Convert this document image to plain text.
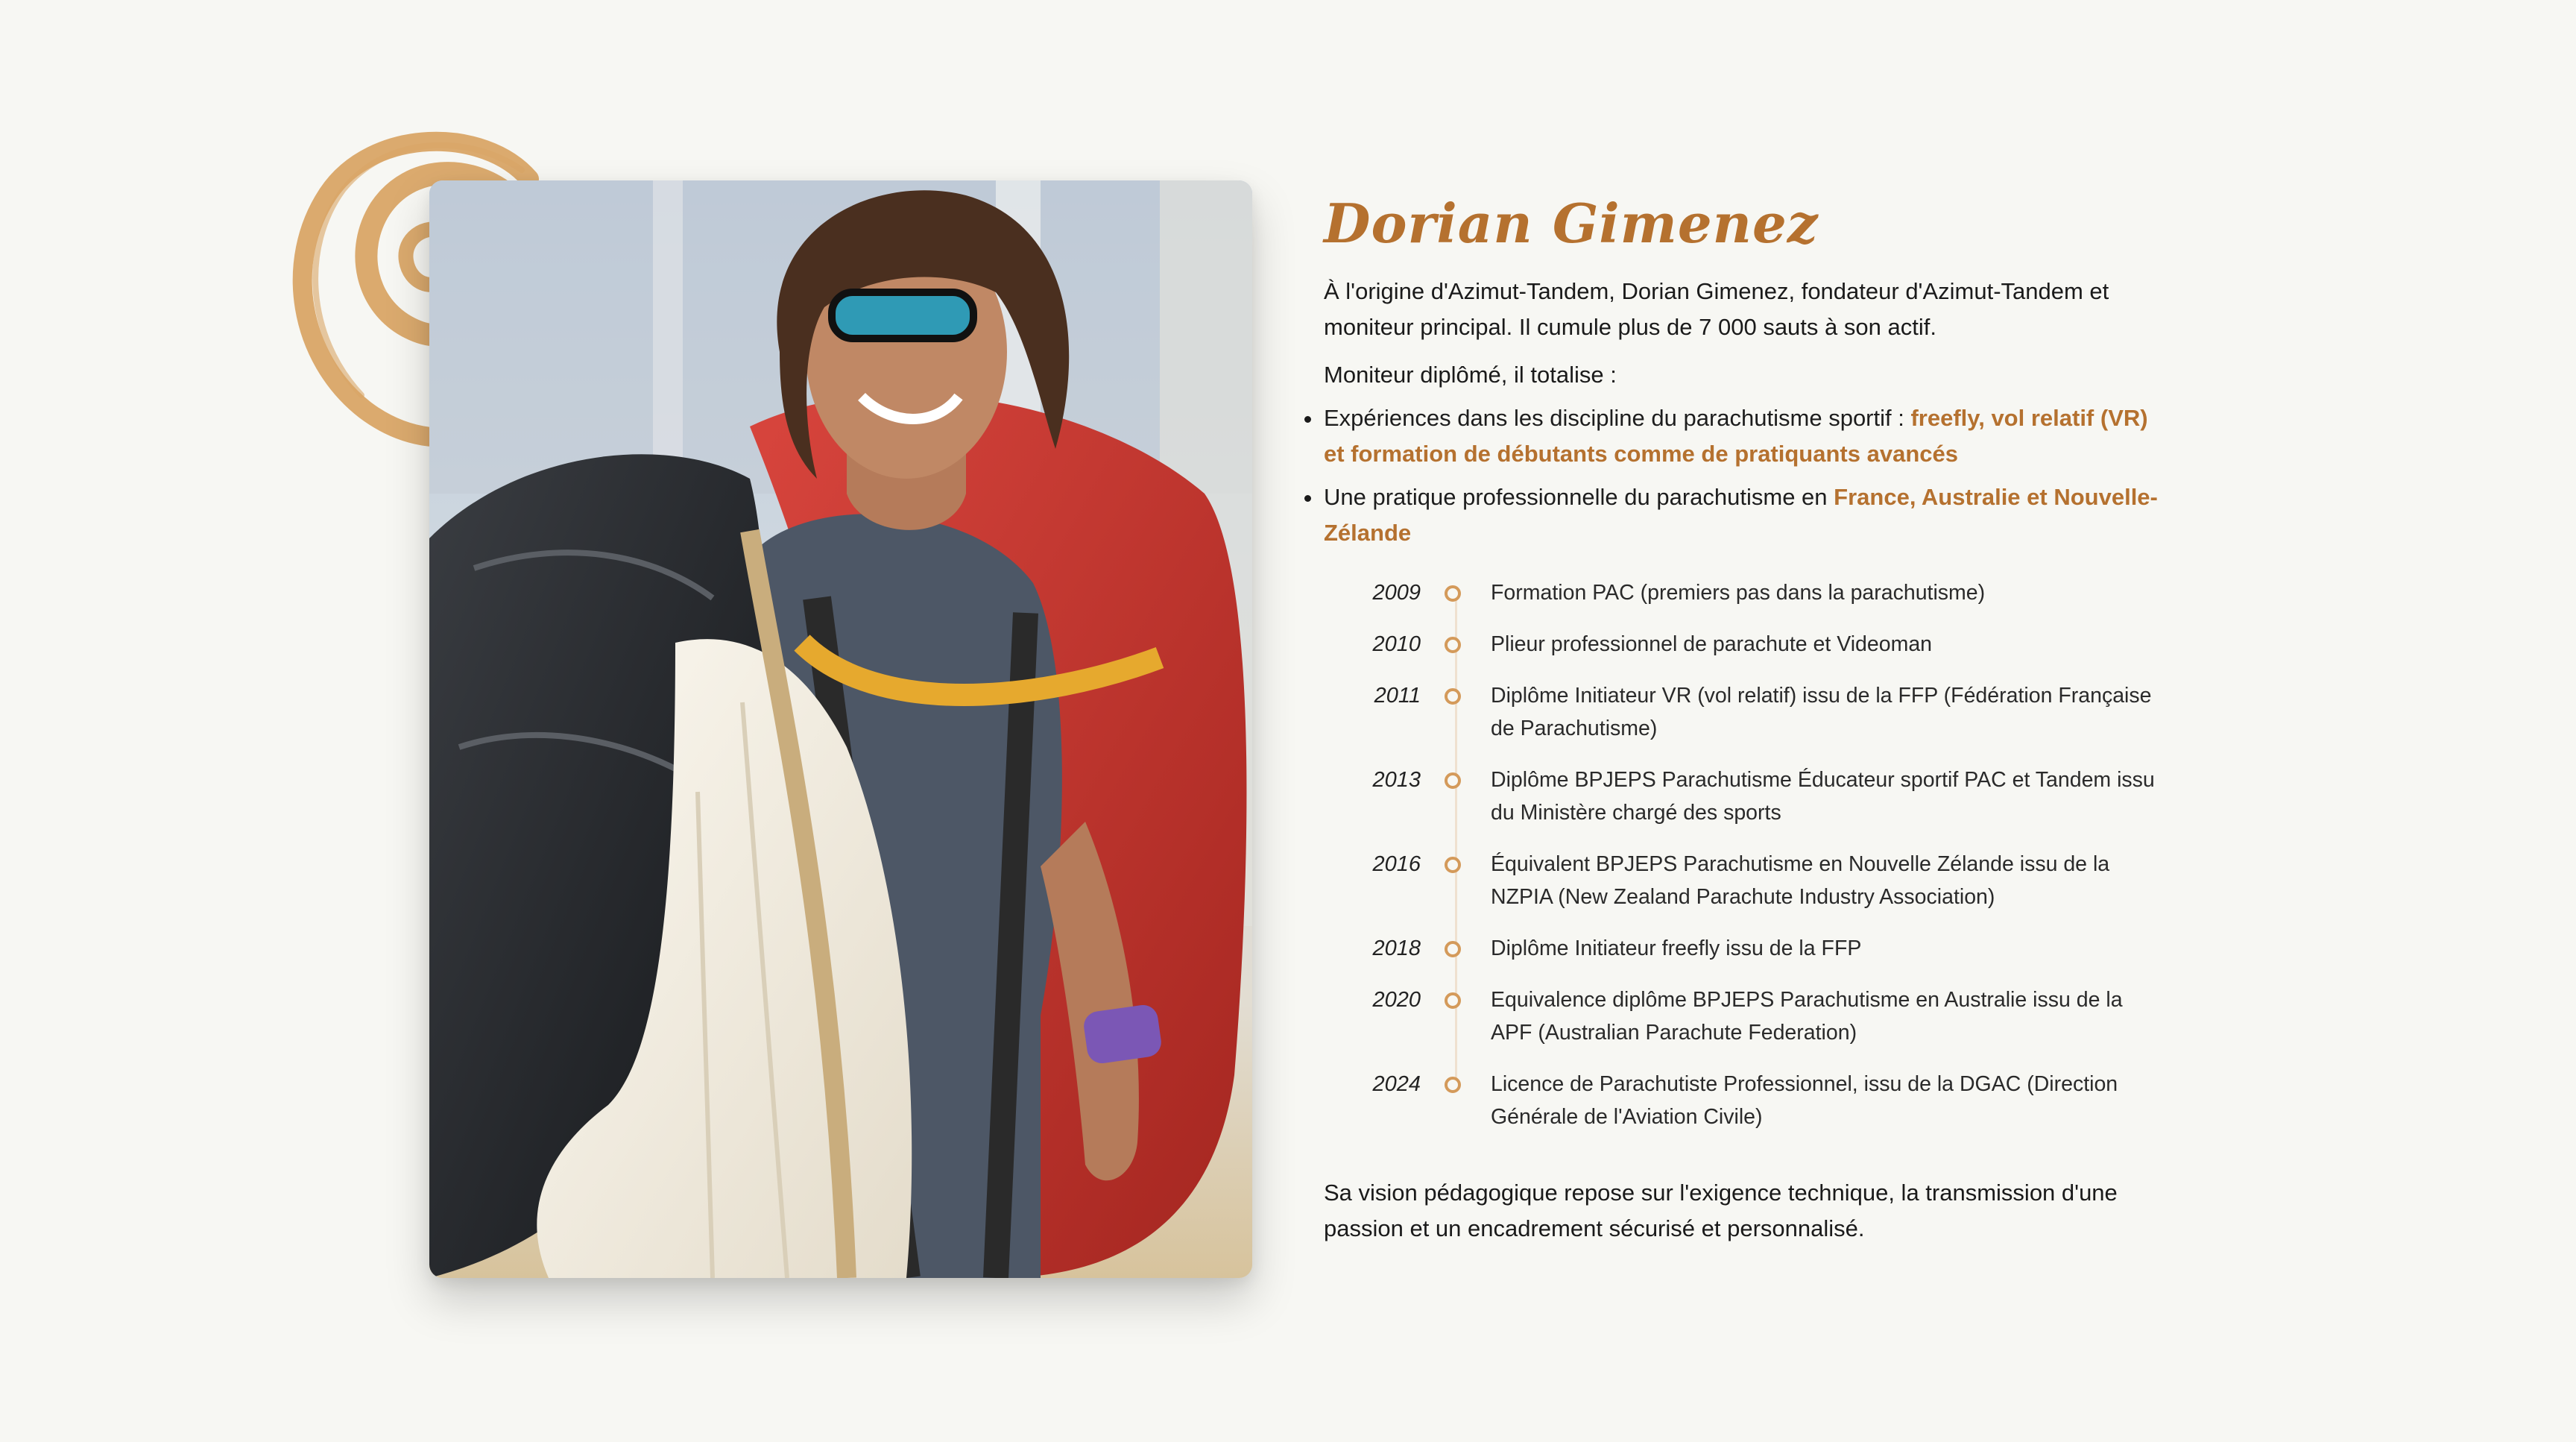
Dorian Gimenez

À l'origine d'Azimut-Tandem, Dorian Gimenez, fondateur d'Azimut-Tandem et moniteur principal. Il cumule plus de 7 000 sauts à son actif.

Moniteur diplômé, il totalise :

Expériences dans les discipline du parachutisme sportif : freefly, vol relatif (VR) et formation de débutants comme de pratiquants avancés
Une pratique professionnelle du parachutisme en France, Australie et Nouvelle-Zélande
2009	Formation PAC (premiers pas dans la parachutisme)
2010	Plieur professionnel de parachute et Videoman
2011	Diplôme Initiateur VR (vol relatif) issu de la FFP (Fédération Française de Parachutisme)
2013	Diplôme BPJEPS Parachutisme Éducateur sportif PAC et Tandem issu du Ministère chargé des sports
2016	Équivalent BPJEPS Parachutisme en Nouvelle Zélande issu de la NZPIA (New Zealand Parachute Industry Association)
2018	Diplôme Initiateur freefly issu de la FFP
2020	Equivalence diplôme BPJEPS Parachutisme en Australie issu de la APF (Australian Parachute Federation)
2024	Licence de Parachutiste Professionnel, issu de la DGAC (Direction Générale de l'Aviation Civile)

Sa vision pédagogique repose sur l'exigence technique, la transmission d'une passion et un encadrement sécurisé et personnalisé.
